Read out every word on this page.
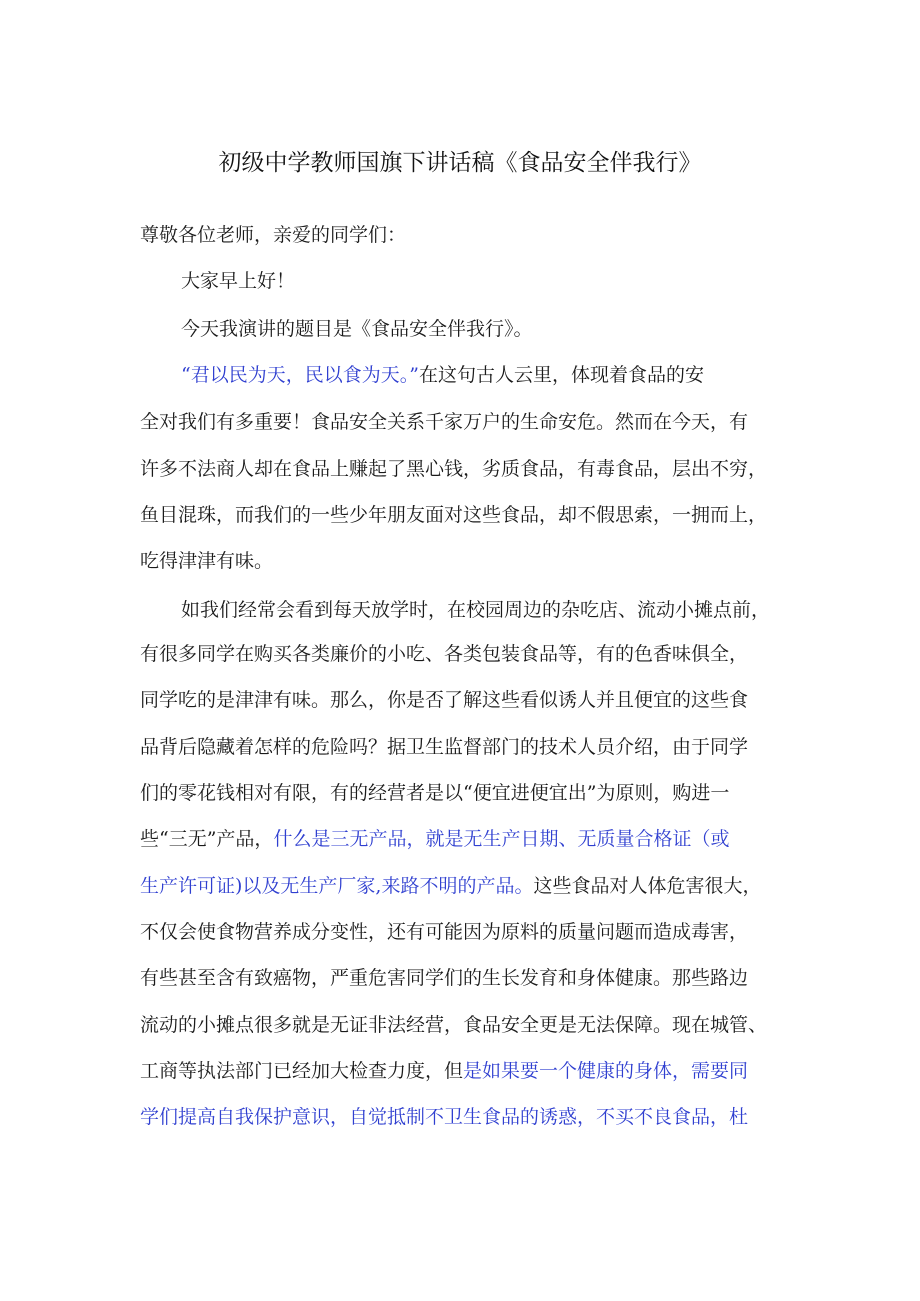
初级中学教师国旗下讲话稿《食品安全伴我行》
尊敬各位老师，亲爱的同学们：
大家早上好！
今天我演讲的题目是《食品安全伴我行》。
“君以民为天，民以食为天。”在这句古人云里，体现着食品的安
全对我们有多重要！食品安全关系千家万户的生命安危。然而在今天，有
许多不法商人却在食品上赚起了黑心钱，劣质食品，有毒食品，层出不穷，
鱼目混珠，而我们的一些少年朋友面对这些食品，却不假思索，一拥而上，
吃得津津有味。
如我们经常会看到每天放学时，在校园周边的杂吃店、流动小摊点前，
有很多同学在购买各类廉价的小吃、各类包装食品等，有的色香味俱全，
同学吃的是津津有味。那么，你是否了解这些看似诱人并且便宜的这些食
品背后隐藏着怎样的危险吗？据卫生监督部门的技术人员介绍，由于同学
们的零花钱相对有限，有的经营者是以“便宜进便宜出”为原则，购进一
些“三无”产品，什么是三无产品，就是无生产日期、无质量合格证（或
生产许可证)以及无生产厂家,来路不明的产品。这些食品对人体危害很大，
不仅会使食物营养成分变性，还有可能因为原料的质量问题而造成毒害，
有些甚至含有致癌物，严重危害同学们的生长发育和身体健康。那些路边
流动的小摊点很多就是无证非法经营，食品安全更是无法保障。现在城管、
工商等执法部门已经加大检查力度，但是如果要一个健康的身体，需要同
学们提高自我保护意识，自觉抵制不卫生食品的诱惑，不买不良食品，杜
